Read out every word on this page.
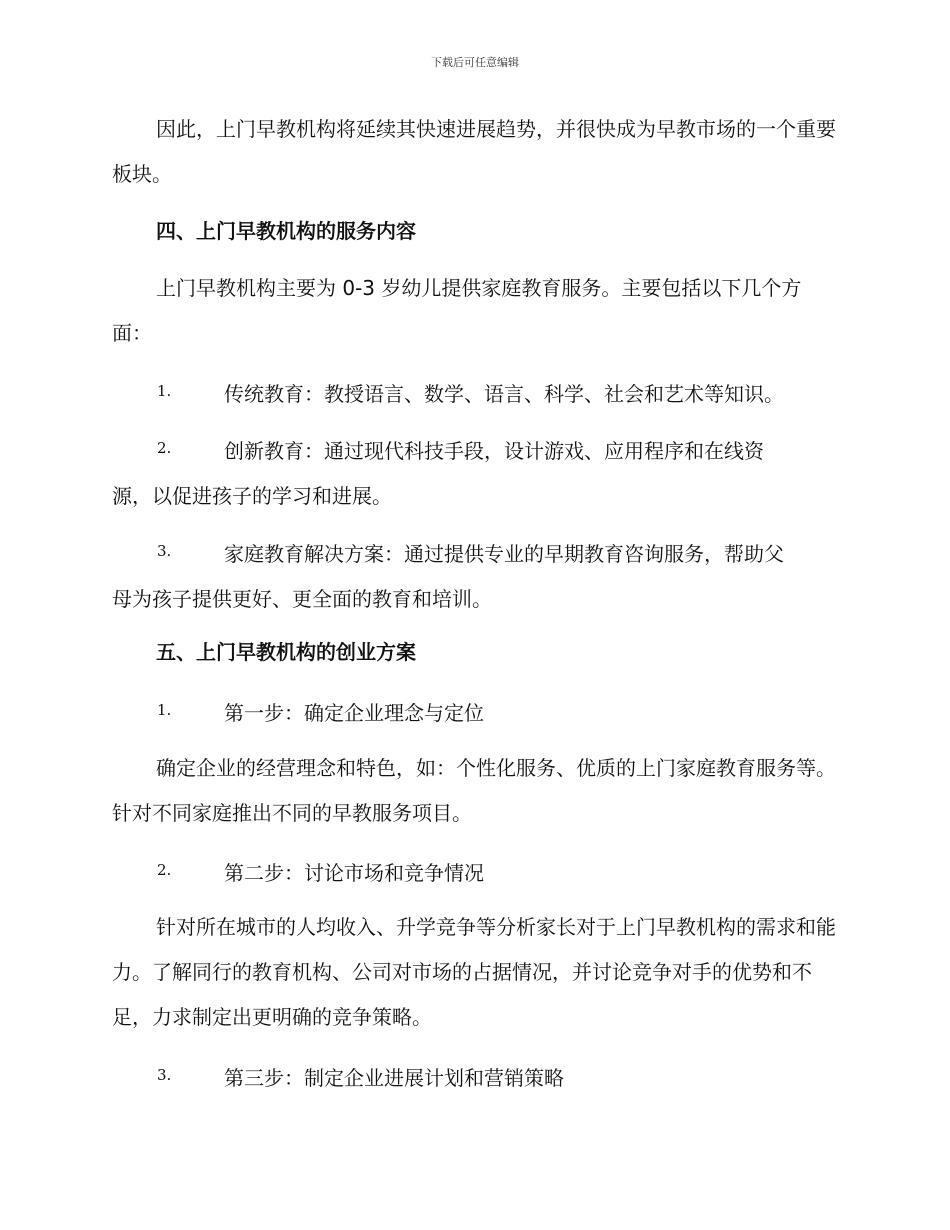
下载后可任意编辑

因此，上门早教机构将延续其快速进展趋势，并很快成为早教市场的一个重要板块。

四、上门早教机构的服务内容

上门早教机构主要为 0-3 岁幼儿提供家庭教育服务。主要包括以下几个方面：

1.	传统教育：教授语言、数学、语言、科学、社会和艺术等知识。
2.	创新教育：通过现代科技手段，设计游戏、应用程序和在线资
源，以促进孩子的学习和进展。
3.	家庭教育解决方案：通过提供专业的早期教育咨询服务，帮助父
母为孩子提供更好、更全面的教育和培训。

五、上门早教机构的创业方案

1.	第一步：确定企业理念与定位

确定企业的经营理念和特色，如：个性化服务、优质的上门家庭教育服务等。针对不同家庭推出不同的早教服务项目。

2.	第二步：讨论市场和竞争情况

针对所在城市的人均收入、升学竞争等分析家长对于上门早教机构的需求和能力。了解同行的教育机构、公司对市场的占据情况，并讨论竞争对手的优势和不足，力求制定出更明确的竞争策略。

3.	第三步：制定企业进展计划和营销策略
